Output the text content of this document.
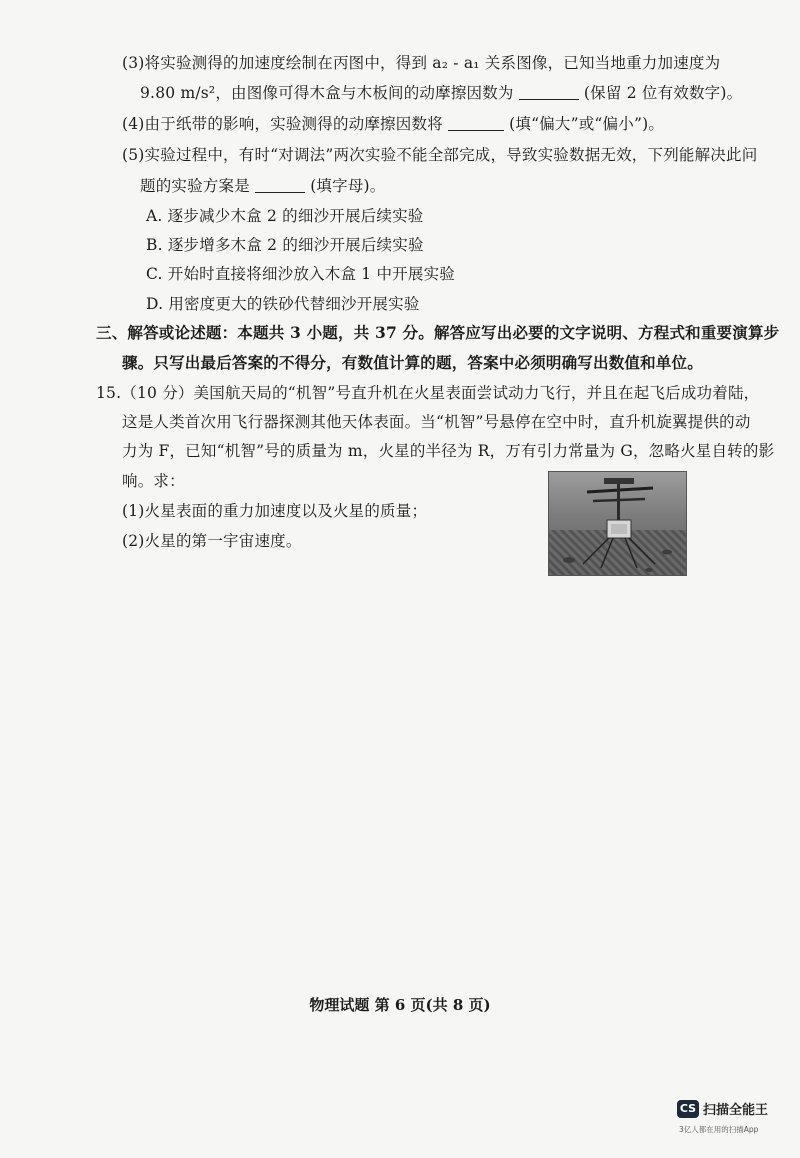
(3)将实验测得的加速度绘制在丙图中，得到 a₂ - a₁ 关系图像，已知当地重力加速度为
9.80 m/s²，由图像可得木盒与木板间的动摩擦因数为	(保留 2 位有效数字)。
(4)由于纸带的影响，实验测得的动摩擦因数将	(填“偏大”或“偏小”)。
(5)实验过程中，有时“对调法”两次实验不能全部完成，导致实验数据无效，下列能解决此问
题的实验方案是	(填字母)。
A. 逐步减少木盒 2 的细沙开展后续实验
B. 逐步增多木盒 2 的细沙开展后续实验
C. 开始时直接将细沙放入木盒 1 中开展实验
D. 用密度更大的铁砂代替细沙开展实验
三、解答或论述题：本题共 3 小题，共 37 分。解答应写出必要的文字说明、方程式和重要演算步
骤。只写出最后答案的不得分，有数值计算的题，答案中必须明确写出数值和单位。
15.（10 分）美国航天局的“机智”号直升机在火星表面尝试动力飞行，并且在起飞后成功着陆，
这是人类首次用飞行器探测其他天体表面。当“机智”号悬停在空中时，直升机旋翼提供的动
力为 F，已知“机智”号的质量为 m，火星的半径为 R，万有引力常量为 G，忽略火星自转的影
响。求：
(1)火星表面的重力加速度以及火星的质量；
(2)火星的第一宇宙速度。
物理试题 第 6 页(共 8 页)
CS 扫描全能王
3亿人都在用的扫描App
